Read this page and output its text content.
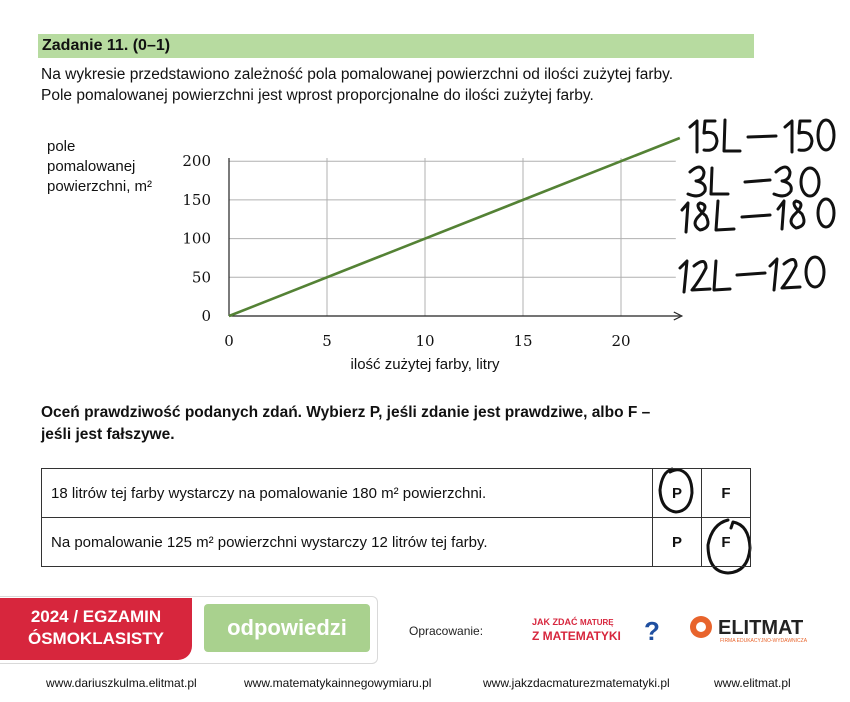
Zadanie 11. (0–1)
Na wykresie przedstawiono zależność pola pomalowanej powierzchni od ilości zużytej farby.
Pole pomalowanej powierzchni jest wprost proporcjonalne do ilości zużytej farby.
0	5	10	15	20
0
50
100
150
200
ilość zużytej farby, litry
pole
pomalowanej
powierzchni, m²
Oceń prawdziwość podanych zdań. Wybierz P, jeśli zdanie jest prawdziwe, albo F –
jeśli jest fałszywe.
18 litrów tej farby wystarczy na pomalowanie 180 m² powierzchni.	P	F
Na pomalowanie 125 m² powierzchni wystarczy 12 litrów tej farby.	P	F
2024 / EGZAMIN
ÓSMOKLASISTY	odpowiedzi	Opracowanie:
JAK ZDAĆ MATURĘ
Z MATEMATYKI ?	ELITMAT
FIRMA EDUKACYJNO-WYDAWNICZA
www.dariuszkulma.elitmat.pl	www.matematykainnegowymiaru.pl	www.jakzdacmaturezmatematyki.pl	www.elitmat.pl
